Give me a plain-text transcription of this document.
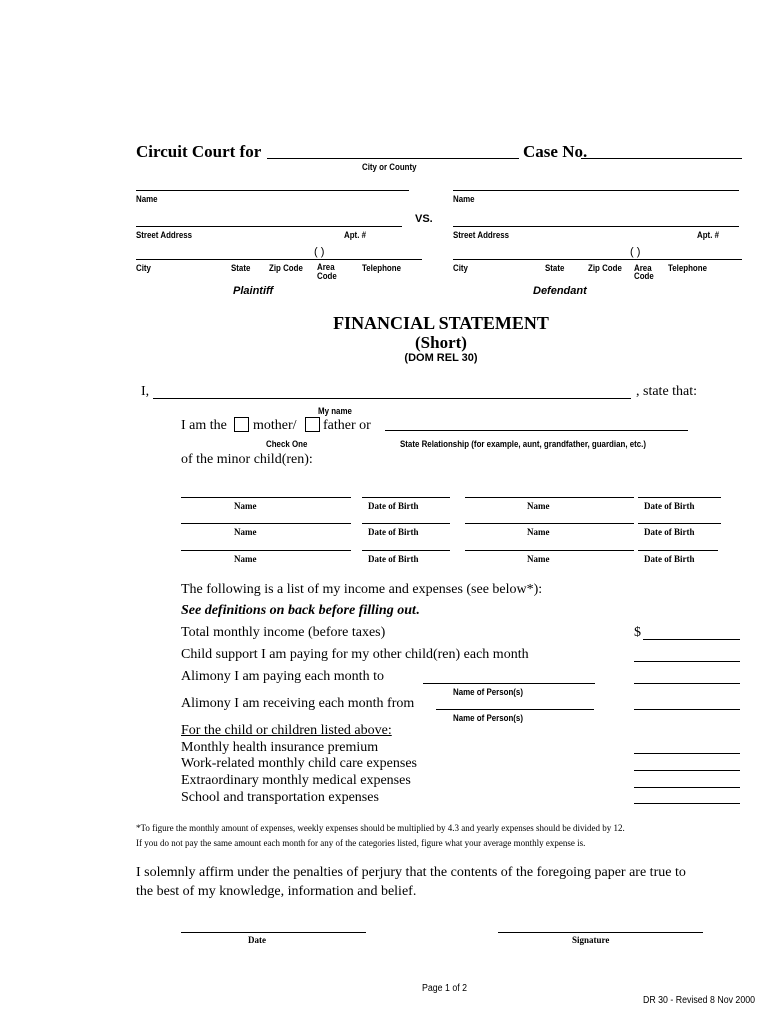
Circuit Court for
City or County
Case No.
Name
Street Address	Apt. #
VS.
( )
City	State Zip Code Area
Code
Telephone
Plaintiff
Name
Street Address	Apt. #
( )
City	State	Zip Code Area
Code
Telephone
Defendant
FINANCIAL STATEMENT
(Short)
(DOM REL 30)
I,	, state that:
My name
I am the mother/ father or
Check One	State Relationship (for example, aunt, grandfather, guardian, etc.)
of the minor child(ren):
Name	Date of Birth	Name	Date of Birth
Name	Date of Birth	Name	Date of Birth
Name	Date of Birth	Name	Date of Birth
The following is a list of my income and expenses (see below*):
See definitions on back before filling out.
Total monthly income (before taxes)	$
Child support I am paying for my other child(ren) each month
Alimony I am paying each month to
Name of Person(s)
Alimony I am receiving each month from
Name of Person(s)
For the child or children listed above:
Monthly health insurance premium
Work-related monthly child care expenses
Extraordinary monthly medical expenses
School and transportation expenses
*To figure the monthly amount of expenses, weekly expenses should be multiplied by 4.3 and yearly expenses should be divided by 12.
If you do not pay the same amount each month for any of the categories listed, figure what your average monthly expense is.
I solemnly affirm under the penalties of perjury that the contents of the foregoing paper are true to
the best of my knowledge, information and belief.
Date	Signature
Page 1 of 2
DR 30 - Revised 8 Nov 2000
